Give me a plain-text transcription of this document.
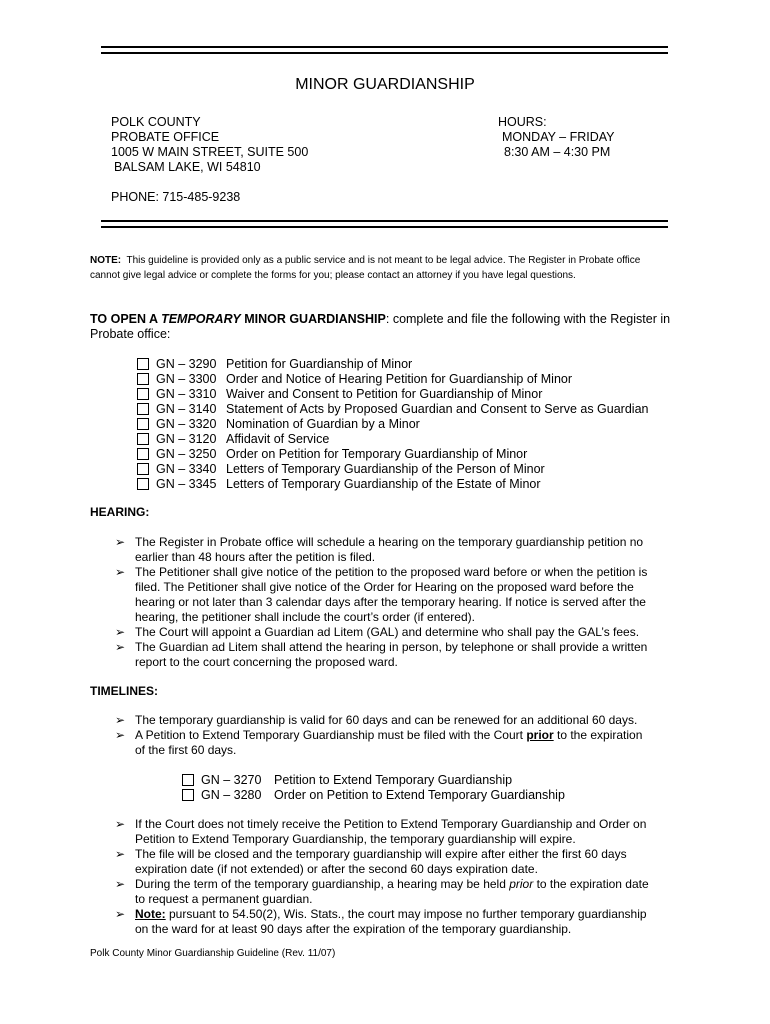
MINOR GUARDIANSHIP
POLK COUNTY
PROBATE OFFICE
1005 W MAIN STREET, SUITE 500
BALSAM LAKE, WI 54810
PHONE: 715-485-9238
HOURS:
MONDAY – FRIDAY
8:30 AM – 4:30 PM
NOTE: This guideline is provided only as a public service and is not meant to be legal advice. The Register in Probate office
cannot give legal advice or complete the forms for you; please contact an attorney if you have legal questions.
TO OPEN A TEMPORARY MINOR GUARDIANSHIP: complete and file the following with the Register in
Probate office:
GN – 3290 Petition for Guardianship of Minor
GN – 3300 Order and Notice of Hearing Petition for Guardianship of Minor
GN – 3310 Waiver and Consent to Petition for Guardianship of Minor
GN – 3140 Statement of Acts by Proposed Guardian and Consent to Serve as Guardian
GN – 3320 Nomination of Guardian by a Minor
GN – 3120 Affidavit of Service
GN – 3250 Order on Petition for Temporary Guardianship of Minor
GN – 3340 Letters of Temporary Guardianship of the Person of Minor
GN – 3345 Letters of Temporary Guardianship of the Estate of Minor
HEARING:
➢ The Register in Probate office will schedule a hearing on the temporary guardianship petition no
earlier than 48 hours after the petition is filed.
➢ The Petitioner shall give notice of the petition to the proposed ward before or when the petition is
filed. The Petitioner shall give notice of the Order for Hearing on the proposed ward before the
hearing or not later than 3 calendar days after the temporary hearing. If notice is served after the
hearing, the petitioner shall include the court’s order (if entered).
➢ The Court will appoint a Guardian ad Litem (GAL) and determine who shall pay the GAL’s fees.
➢ The Guardian ad Litem shall attend the hearing in person, by telephone or shall provide a written
report to the court concerning the proposed ward.
TIMELINES:
➢ The temporary guardianship is valid for 60 days and can be renewed for an additional 60 days.
➢ A Petition to Extend Temporary Guardianship must be filed with the Court prior to the expiration
of the first 60 days.
GN – 3270	Petition to Extend Temporary Guardianship
GN – 3280	Order on Petition to Extend Temporary Guardianship
➢ If the Court does not timely receive the Petition to Extend Temporary Guardianship and Order on
Petition to Extend Temporary Guardianship, the temporary guardianship will expire.
➢ The file will be closed and the temporary guardianship will expire after either the first 60 days
expiration date (if not extended) or after the second 60 days expiration date.
➢ During the term of the temporary guardianship, a hearing may be held prior to the expiration date
to request a permanent guardian.
➢ Note: pursuant to 54.50(2), Wis. Stats., the court may impose no further temporary guardianship
on the ward for at least 90 days after the expiration of the temporary guardianship.
Polk County Minor Guardianship Guideline (Rev. 11/07)
